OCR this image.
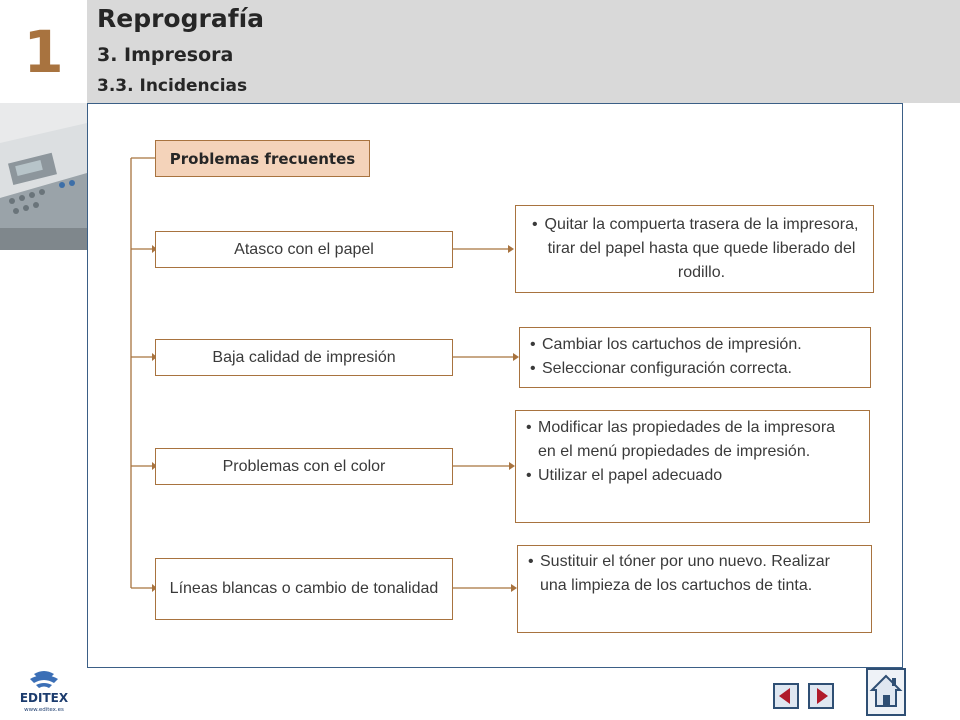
1	Reprografía
3. Impresora
3.3. Incidencias
Problemas frecuentes
Atasco con el papel
Baja calidad de impresión
Problemas con el color
Líneas blancas o cambio de tonalidad
• Quitar la compuerta trasera de la impresora, tirar del papel hasta que quede liberado del rodillo.
• Cambiar los cartuchos de impresión.
• Seleccionar configuración correcta.
• Modificar las propiedades de la impresora en el menú propiedades de impresión.
• Utilizar el papel adecuado
• Sustituir el tóner por uno nuevo. Realizar una limpieza de los cartuchos de tinta.
EDITEX
www.editex.es
